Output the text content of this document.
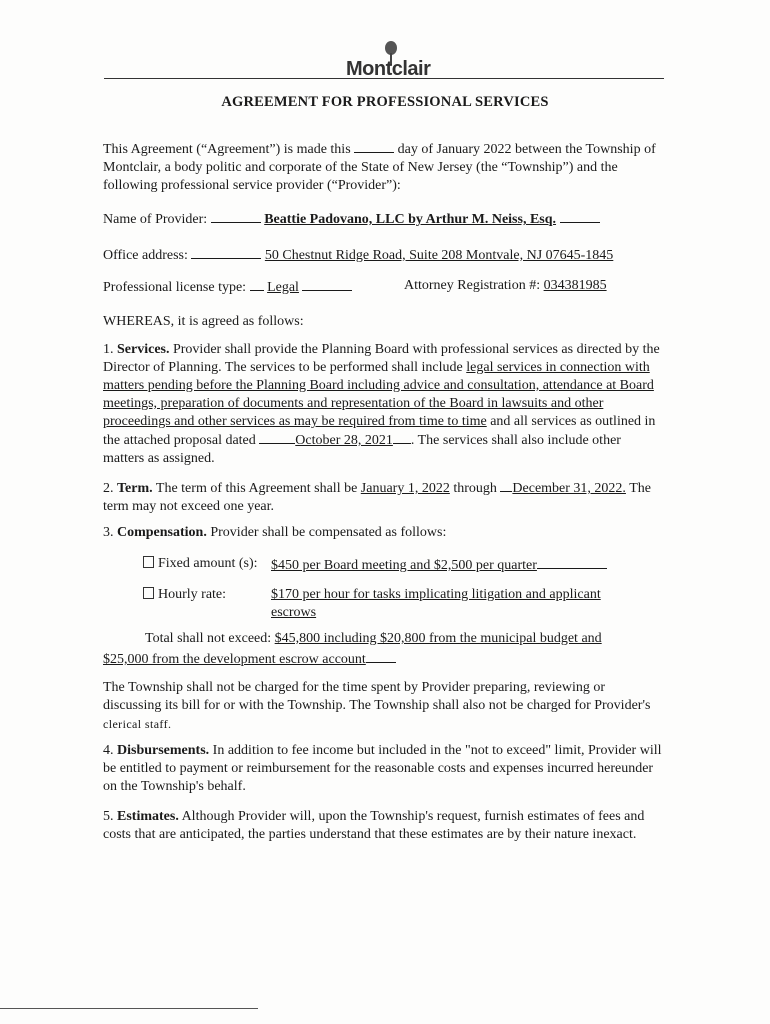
Montclair
AGREEMENT FOR PROFESSIONAL SERVICES
This Agreement (“Agreement”) is made this	day of January 2022 between the Township of Montclair, a body politic and corporate of the State of New Jersey (the “Township”) and the following professional service provider (“Provider”):
Name of Provider:	Beattie Padovano, LLC by Arthur M. Neiss, Esq.
Office address:	50 Chestnut Ridge Road, Suite 208 Montvale, NJ 07645-1845
Professional license type: Legal	Attorney Registration #: 034381985
WHEREAS, it is agreed as follows:
1. Services. Provider shall provide the Planning Board with professional services as directed by the Director of Planning. The services to be performed shall include legal services in connection with matters pending before the Planning Board including advice and consultation, attendance at Board meetings, preparation of documents and representation of the Board in lawsuits and other proceedings and other services as may be required from time to time and all services as outlined in the attached proposal dated	October 28, 2021 . The services shall also include other matters as assigned.
2. Term. The term of this Agreement shall be January 1, 2022 through December 31, 2022. The term may not exceed one year.
3. Compensation. Provider shall be compensated as follows:
Fixed amount (s): $450 per Board meeting and $2,500 per quarter
Hourly rate:	$170 per hour for tasks implicating litigation and applicant
escrows
Total shall not exceed: $45,800 including $20,800 from the municipal budget and
$25,000 from the development escrow account
The Township shall not be charged for the time spent by Provider preparing, reviewing or discussing its bill for or with the Township. The Township shall also not be charged for Provider's clerical staff.
4. Disbursements. In addition to fee income but included in the "not to exceed" limit, Provider will be entitled to payment or reimbursement for the reasonable costs and expenses incurred hereunder on the Township's behalf.
5. Estimates. Although Provider will, upon the Township's request, furnish estimates of fees and costs that are anticipated, the parties understand that these estimates are by their nature inexact.
